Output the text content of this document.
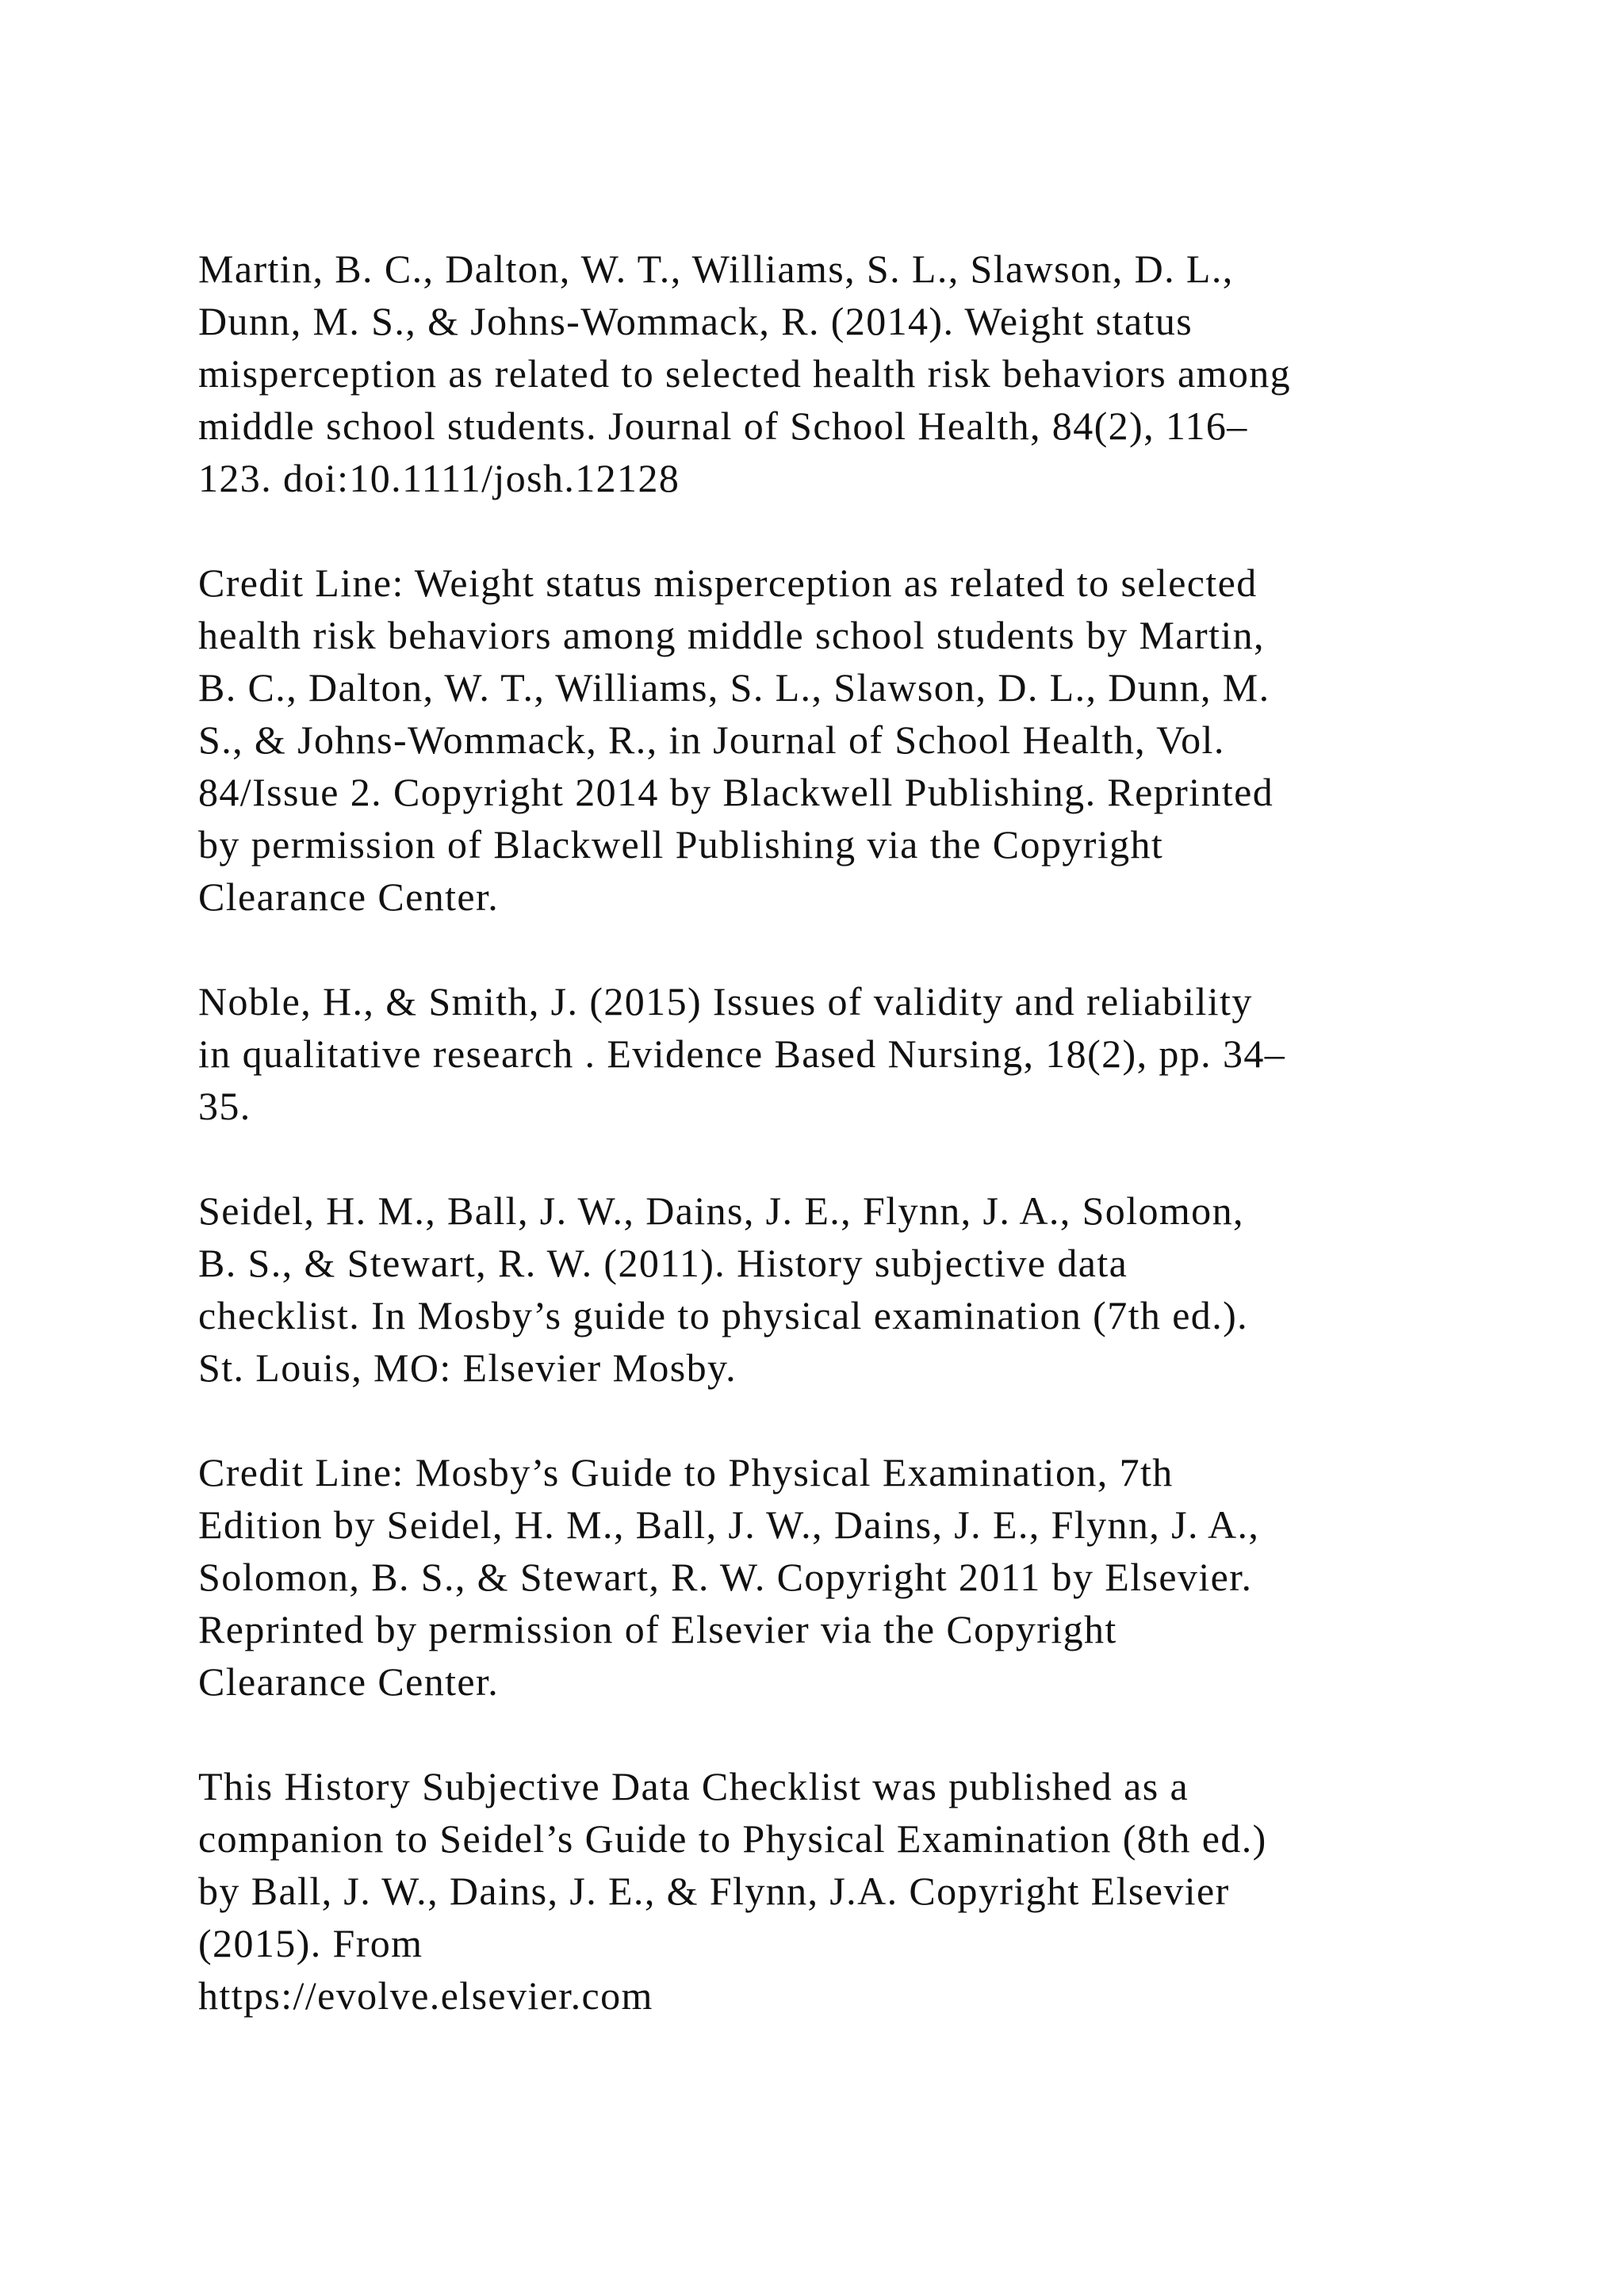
Martin, B. C., Dalton, W. T., Williams, S. L., Slawson, D. L.,
Dunn, M. S., & Johns-Wommack, R. (2014). Weight status
misperception as related to selected health risk behaviors among
middle school students. Journal of School Health, 84(2), 116–
123. doi:10.1111/josh.12128

Credit Line: Weight status misperception as related to selected
health risk behaviors among middle school students by Martin,
B. C., Dalton, W. T., Williams, S. L., Slawson, D. L., Dunn, M.
S., & Johns-Wommack, R., in Journal of School Health, Vol.
84/Issue 2. Copyright 2014 by Blackwell Publishing. Reprinted
by permission of Blackwell Publishing via the Copyright
Clearance Center.

Noble, H., & Smith, J. (2015) Issues of validity and reliability
in qualitative research . Evidence Based Nursing, 18(2), pp. 34–
35.

Seidel, H. M., Ball, J. W., Dains, J. E., Flynn, J. A., Solomon,
B. S., & Stewart, R. W. (2011). History subjective data
checklist. In Mosby’s guide to physical examination (7th ed.).
St. Louis, MO: Elsevier Mosby.

Credit Line: Mosby’s Guide to Physical Examination, 7th
Edition by Seidel, H. M., Ball, J. W., Dains, J. E., Flynn, J. A.,
Solomon, B. S., & Stewart, R. W. Copyright 2011 by Elsevier.
Reprinted by permission of Elsevier via the Copyright
Clearance Center.

This History Subjective Data Checklist was published as a
companion to Seidel’s Guide to Physical Examination (8th ed.)
by Ball, J. W., Dains, J. E., & Flynn, J.A. Copyright Elsevier
(2015). From
https://evolve.elsevier.com
